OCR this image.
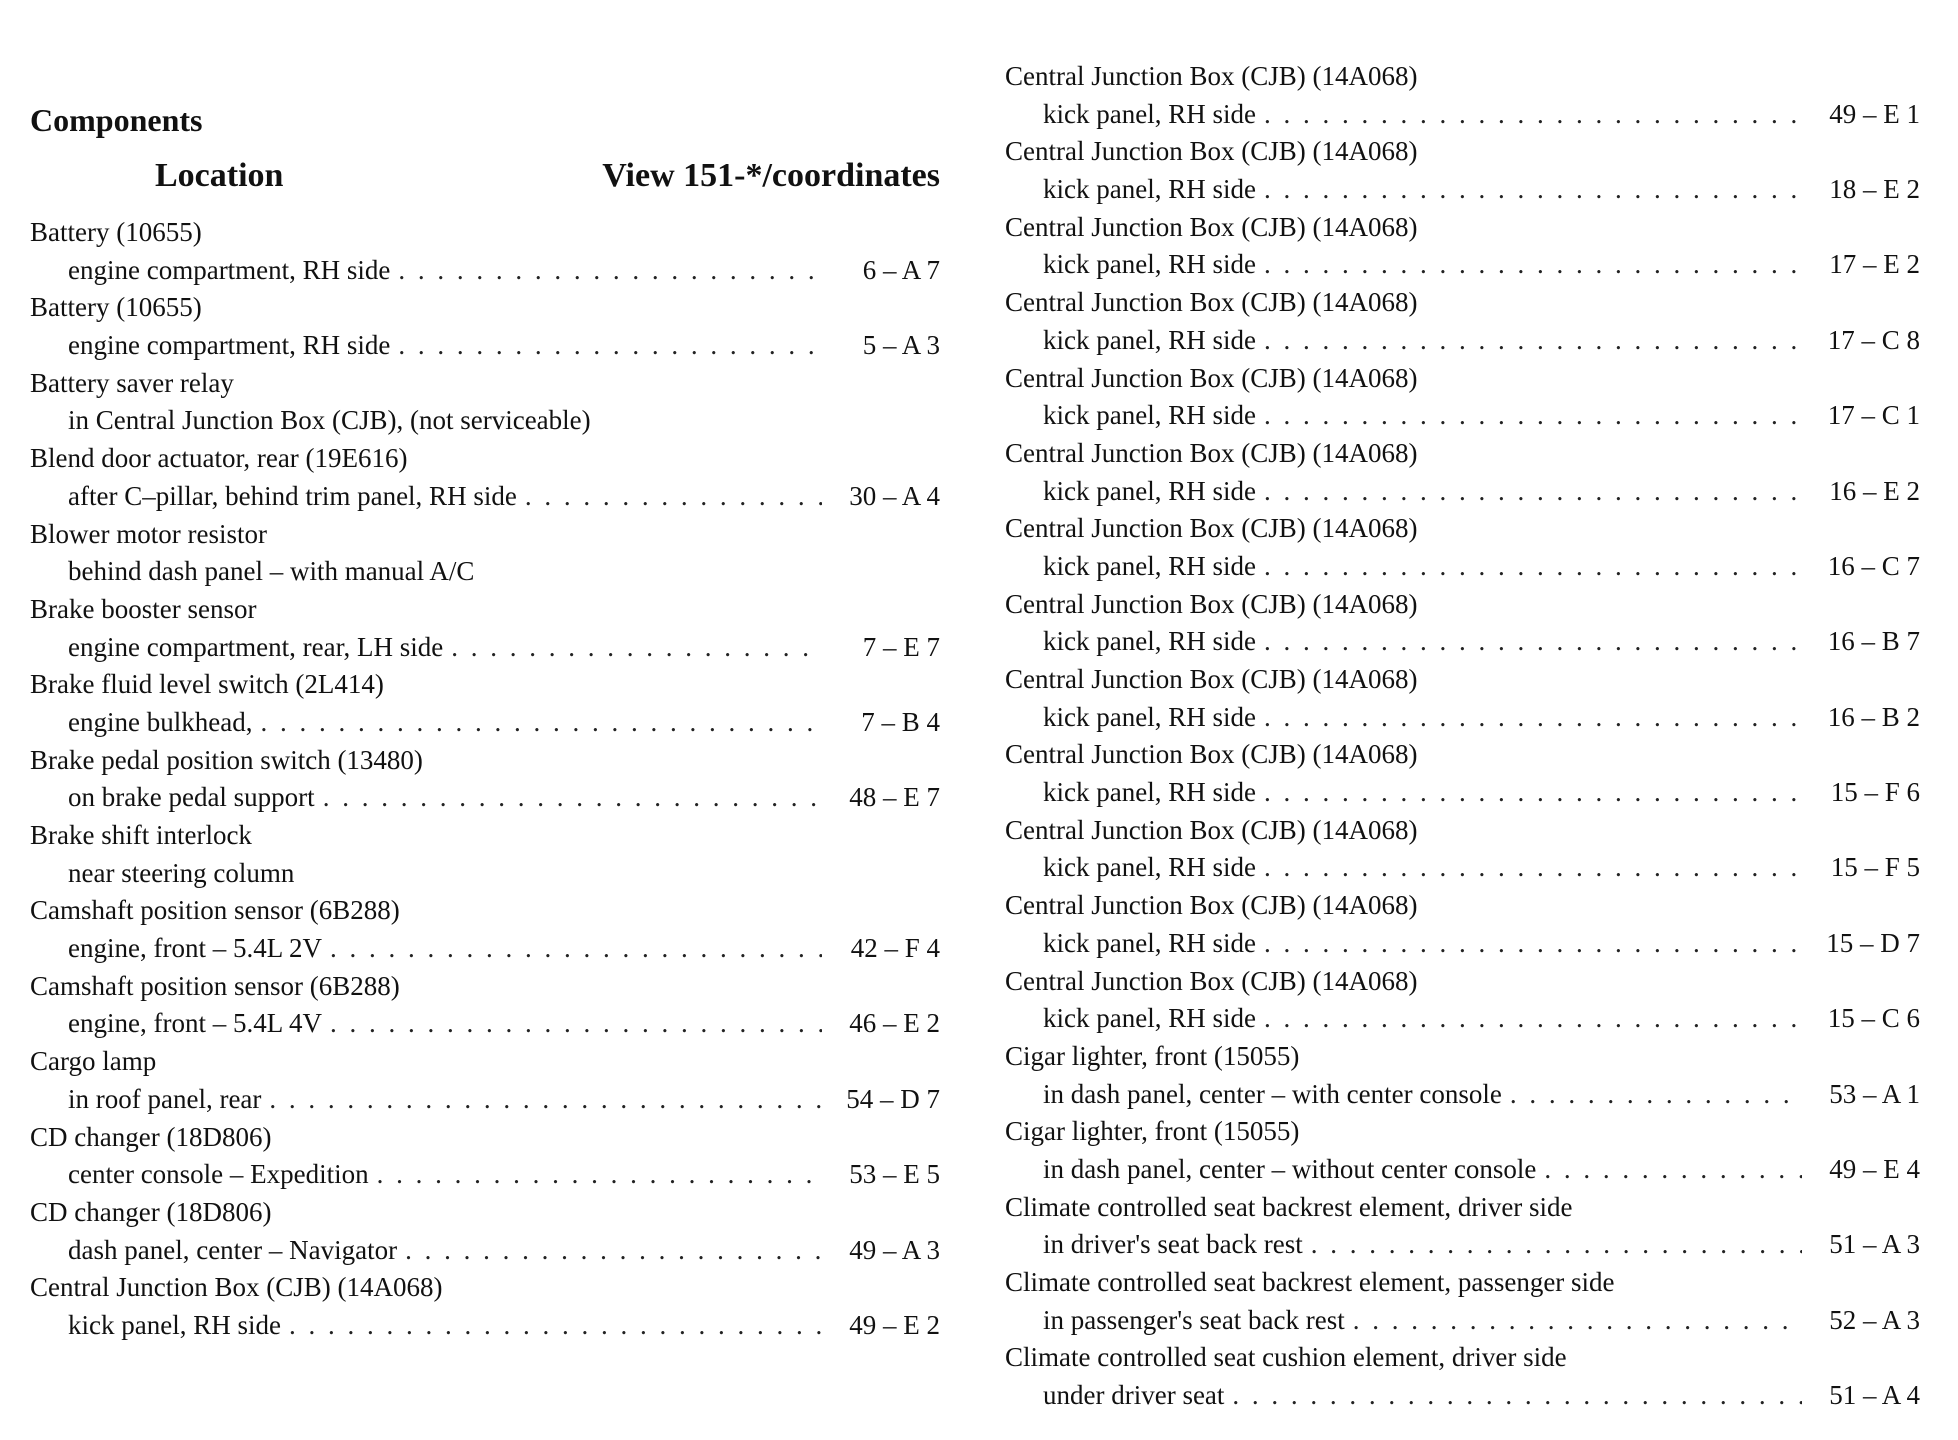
Components
Location	View 151-*/coordinates
Battery (10655)
engine compartment, RH side . . .	6 – A 7
Battery (10655)
engine compartment, RH side . . .	5 – A 3
Battery saver relay
in Central Junction Box (CJB), (not serviceable)
Blend door actuator, rear (19E616)
after C–pillar, behind trim panel, RH side . . .	30 – A 4
Blower motor resistor
behind dash panel – with manual A/C
Brake booster sensor
engine compartment, rear, LH side . . .	7 – E 7
Brake fluid level switch (2L414)
engine bulkhead, . . .	7 – B 4
Brake pedal position switch (13480)
on brake pedal support . . .	48 – E 7
Brake shift interlock
near steering column
Camshaft position sensor (6B288)
engine, front – 5.4L 2V . . .	42 – F 4
Camshaft position sensor (6B288)
engine, front – 5.4L 4V . . .	46 – E 2
Cargo lamp
in roof panel, rear . . .	54 – D 7
CD changer (18D806)
center console – Expedition . . .	53 – E 5
CD changer (18D806)
dash panel, center – Navigator . . .	49 – A 3
Central Junction Box (CJB) (14A068)
kick panel, RH side . . .	49 – E 2
Central Junction Box (CJB) (14A068)
kick panel, RH side . . .	49 – E 1
Central Junction Box (CJB) (14A068)
kick panel, RH side . . .	18 – E 2
Central Junction Box (CJB) (14A068)
kick panel, RH side . . .	17 – E 2
Central Junction Box (CJB) (14A068)
kick panel, RH side . . .	17 – C 8
Central Junction Box (CJB) (14A068)
kick panel, RH side . . .	17 – C 1
Central Junction Box (CJB) (14A068)
kick panel, RH side . . .	16 – E 2
Central Junction Box (CJB) (14A068)
kick panel, RH side . . .	16 – C 7
Central Junction Box (CJB) (14A068)
kick panel, RH side . . .	16 – B 7
Central Junction Box (CJB) (14A068)
kick panel, RH side . . .	16 – B 2
Central Junction Box (CJB) (14A068)
kick panel, RH side . . .	15 – F 6
Central Junction Box (CJB) (14A068)
kick panel, RH side . . .	15 – F 5
Central Junction Box (CJB) (14A068)
kick panel, RH side . . .	15 – D 7
Central Junction Box (CJB) (14A068)
kick panel, RH side . . .	15 – C 6
Cigar lighter, front (15055)
in dash panel, center – with center console . . .	53 – A 1
Cigar lighter, front (15055)
in dash panel, center – without center console . . .	49 – E 4
Climate controlled seat backrest element, driver side
in driver's seat back rest . . .	51 – A 3
Climate controlled seat backrest element, passenger side
in passenger's seat back rest . . .	52 – A 3
Climate controlled seat cushion element, driver side
under driver seat . . .	51 – A 4
